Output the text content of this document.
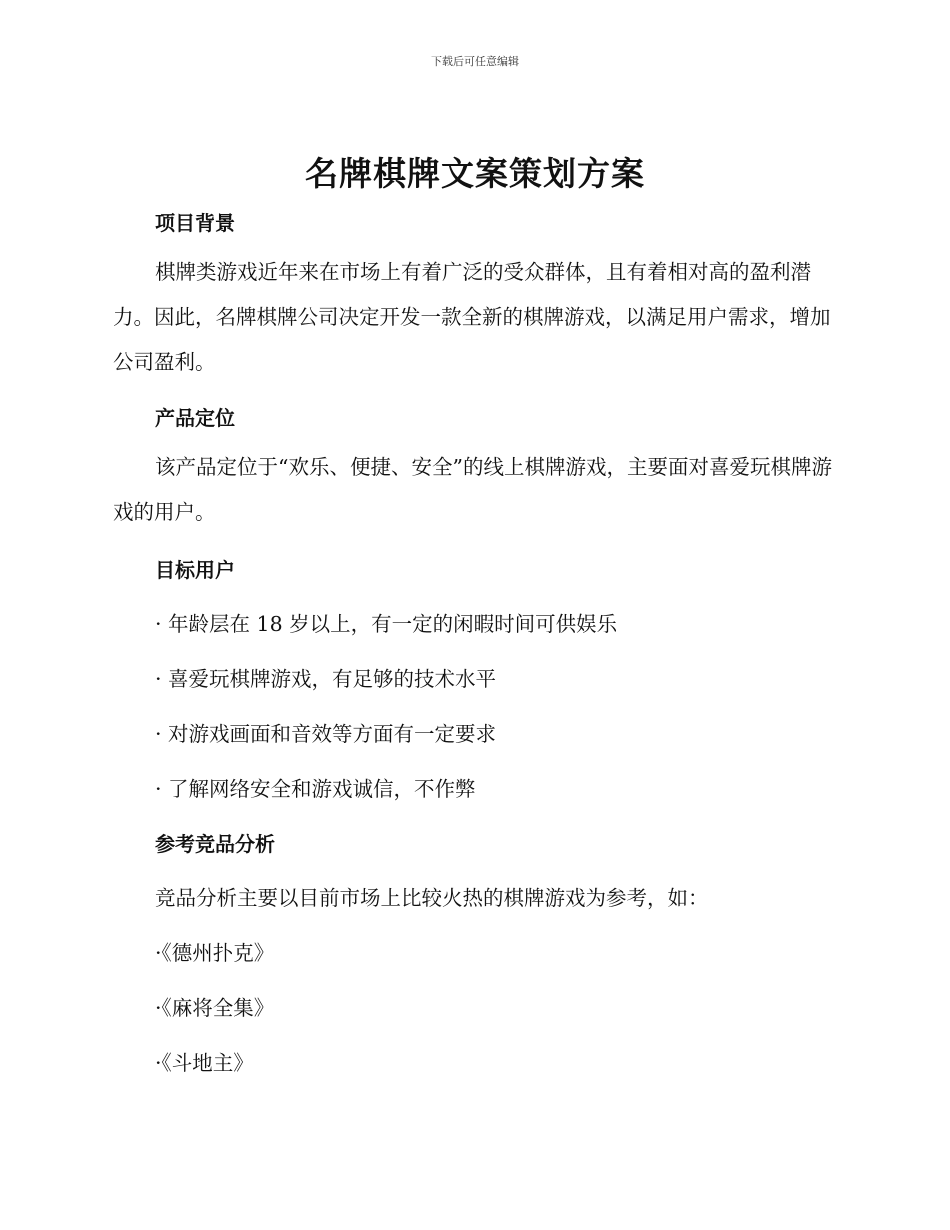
下载后可任意编辑
名牌棋牌文案策划方案
项目背景

棋牌类游戏近年来在市场上有着广泛的受众群体，且有着相对高的盈利潜力。因此，名牌棋牌公司决定开发一款全新的棋牌游戏，以满足用户需求，增加公司盈利。

产品定位

该产品定位于“欢乐、便捷、安全”的线上棋牌游戏，主要面对喜爱玩棋牌游戏的用户。

目标用户

· 年龄层在 18 岁以上，有一定的闲暇时间可供娱乐

· 喜爱玩棋牌游戏，有足够的技术水平

· 对游戏画面和音效等方面有一定要求

· 了解网络安全和游戏诚信，不作弊

参考竞品分析

竞品分析主要以目前市场上比较火热的棋牌游戏为参考，如：

·《德州扑克》

·《麻将全集》

·《斗地主》
